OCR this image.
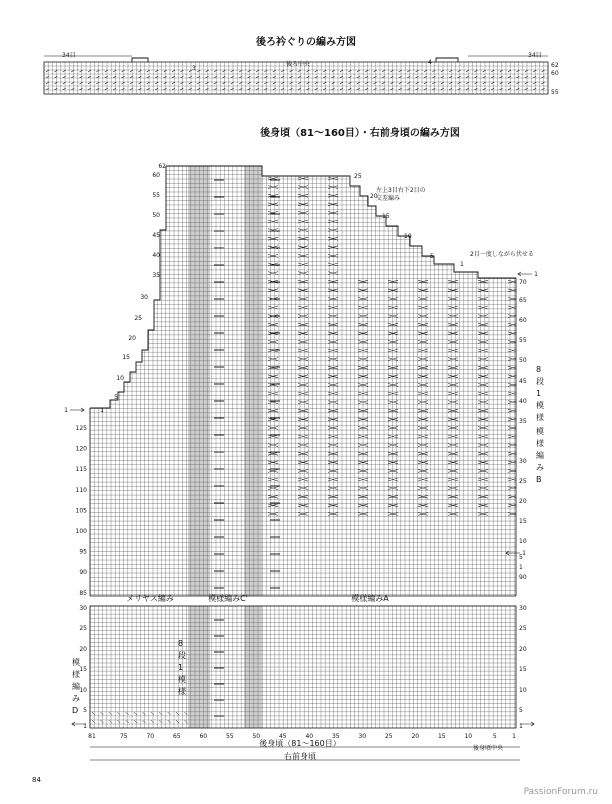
後ろ衿ぐりの編み方図
34目	34目
後ろ中央
3
4	62
60
55
後身頃（81〜160目）・右前身頃の編み方図
62
60
55
50
45
40
35
30
25
20
15
10
5
1
125
120
115
110
105
100
95
90
85
70
65
60
55
50
45
40
35
30
25
20
15
10
5
1
90
25
20
15
10
5
1
1
1
1
左上3目右下2目の
交差編み
2目一度しながら伏せる
8
段
1
模
様
模
様
編
み
B
メリヤス編み	模様編みC'	模様編みA
30	30
25	25
20	20
15	15
10	10
5	5
1	1
81	75	70	65	60	55	50	45	40	35	30	25	20	15	10	5	1
8
段
1
模
様
模
様
編
み
D
後身頃（81〜160目）
後身頃中央
右前身頃
84
PassionForum.ru
